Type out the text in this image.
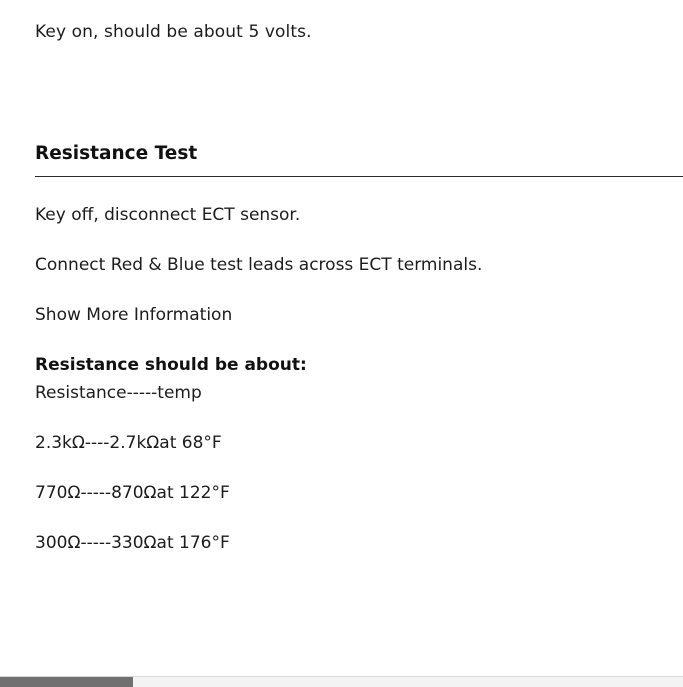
Key on, should be about 5 volts.
Resistance Test
Key off, disconnect ECT sensor.
Connect Red & Blue test leads across ECT terminals.
Show More Information
Resistance should be about:
Resistance-----temp
2.3kΩ----2.7kΩat 68°F
770Ω-----870Ωat 122°F
300Ω-----330Ωat 176°F
